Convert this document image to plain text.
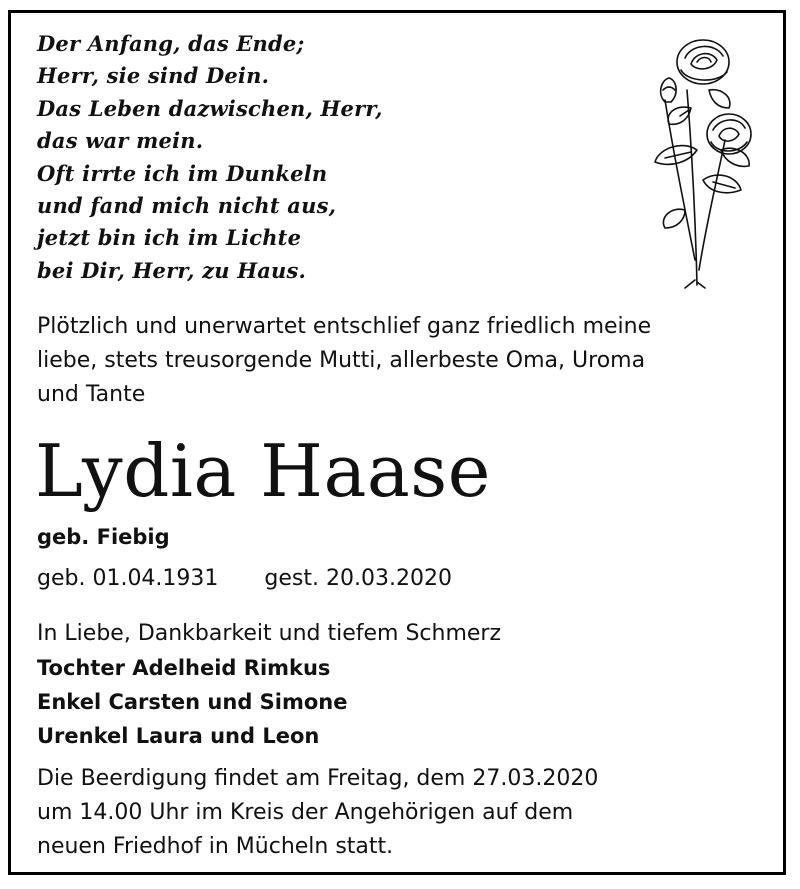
Der Anfang, das Ende;
Herr, sie sind Dein.
Das Leben dazwischen, Herr,
das war mein.
Oft irrte ich im Dunkeln
und fand mich nicht aus,
jetzt bin ich im Lichte
bei Dir, Herr, zu Haus.
Plötzlich und unerwartet entschlief ganz friedlich meine
liebe, stets treusorgende Mutti, allerbeste Oma, Uroma
und Tante
Lydia Haase
geb. Fiebig
geb. 01.04.1931 gest. 20.03.2020
In Liebe, Dankbarkeit und tiefem Schmerz
Tochter Adelheid Rimkus
Enkel Carsten und Simone
Urenkel Laura und Leon
Die Beerdigung findet am Freitag, dem 27.03.2020
um 14.00 Uhr im Kreis der Angehörigen auf dem
neuen Friedhof in Mücheln statt.
